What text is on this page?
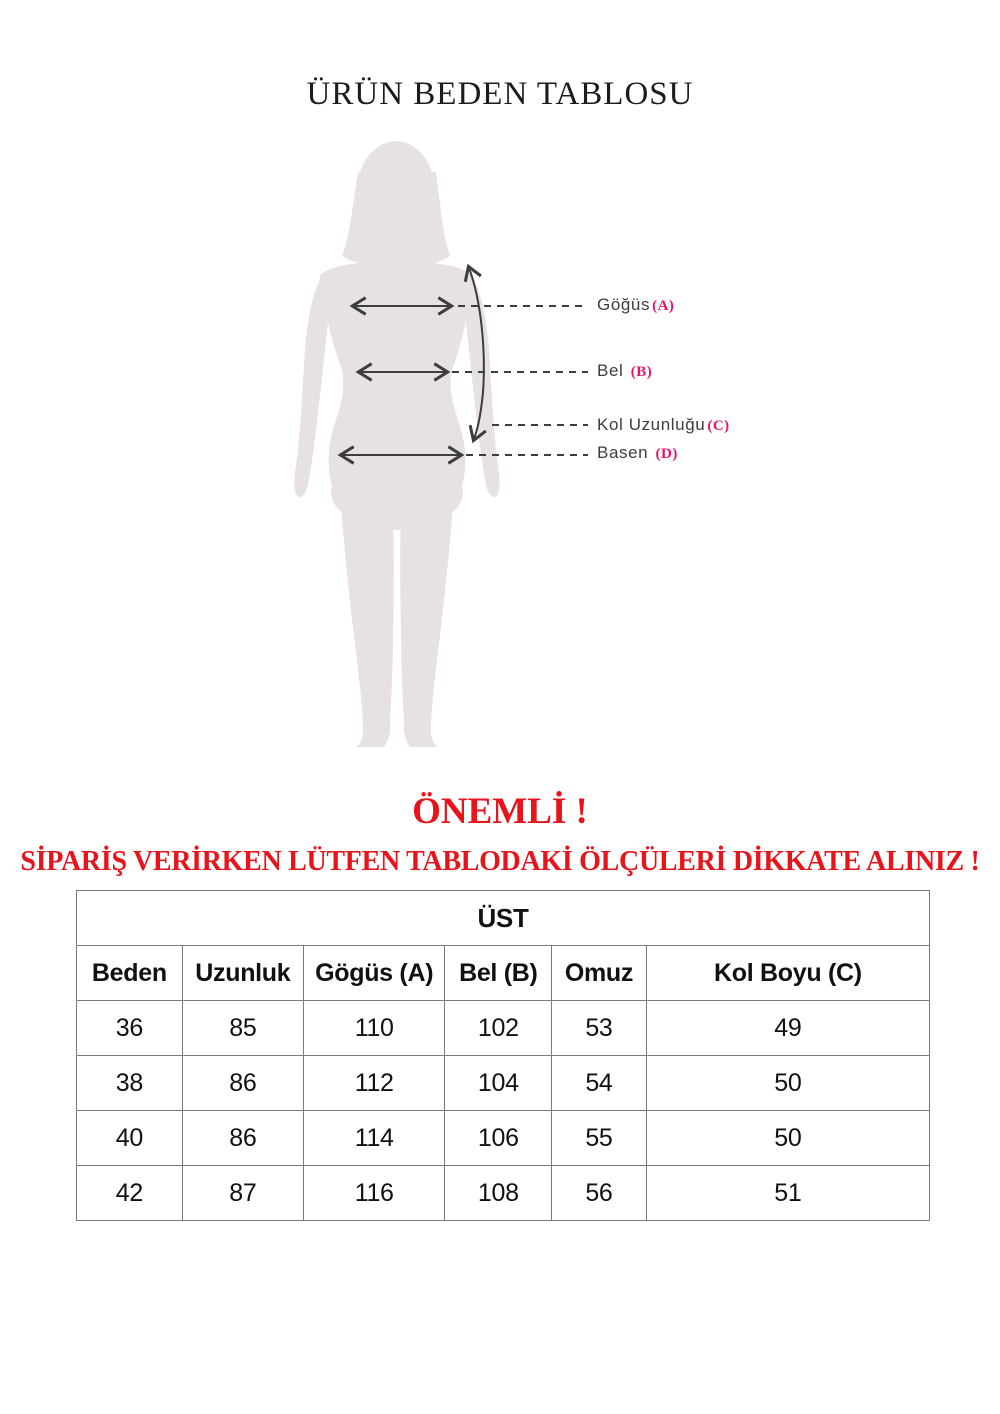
ÜRÜN BEDEN TABLOSU
Göğüs (A)
Bel (B)
Kol Uzunluğu (C)
Basen (D)
ÖNEMLİ !
SİPARİŞ VERİRKEN LÜTFEN TABLODAKİ ÖLÇÜLERİ DİKKATE ALINIZ !
ÜST					
Beden	Uzunluk	Gögüs (A)	Bel (B)	Omuz	Kol Boyu (C)
36	85	110	102	53	49
38	86	112	104	54	50
40	86	114	106	55	50
42	87	116	108	56	51
